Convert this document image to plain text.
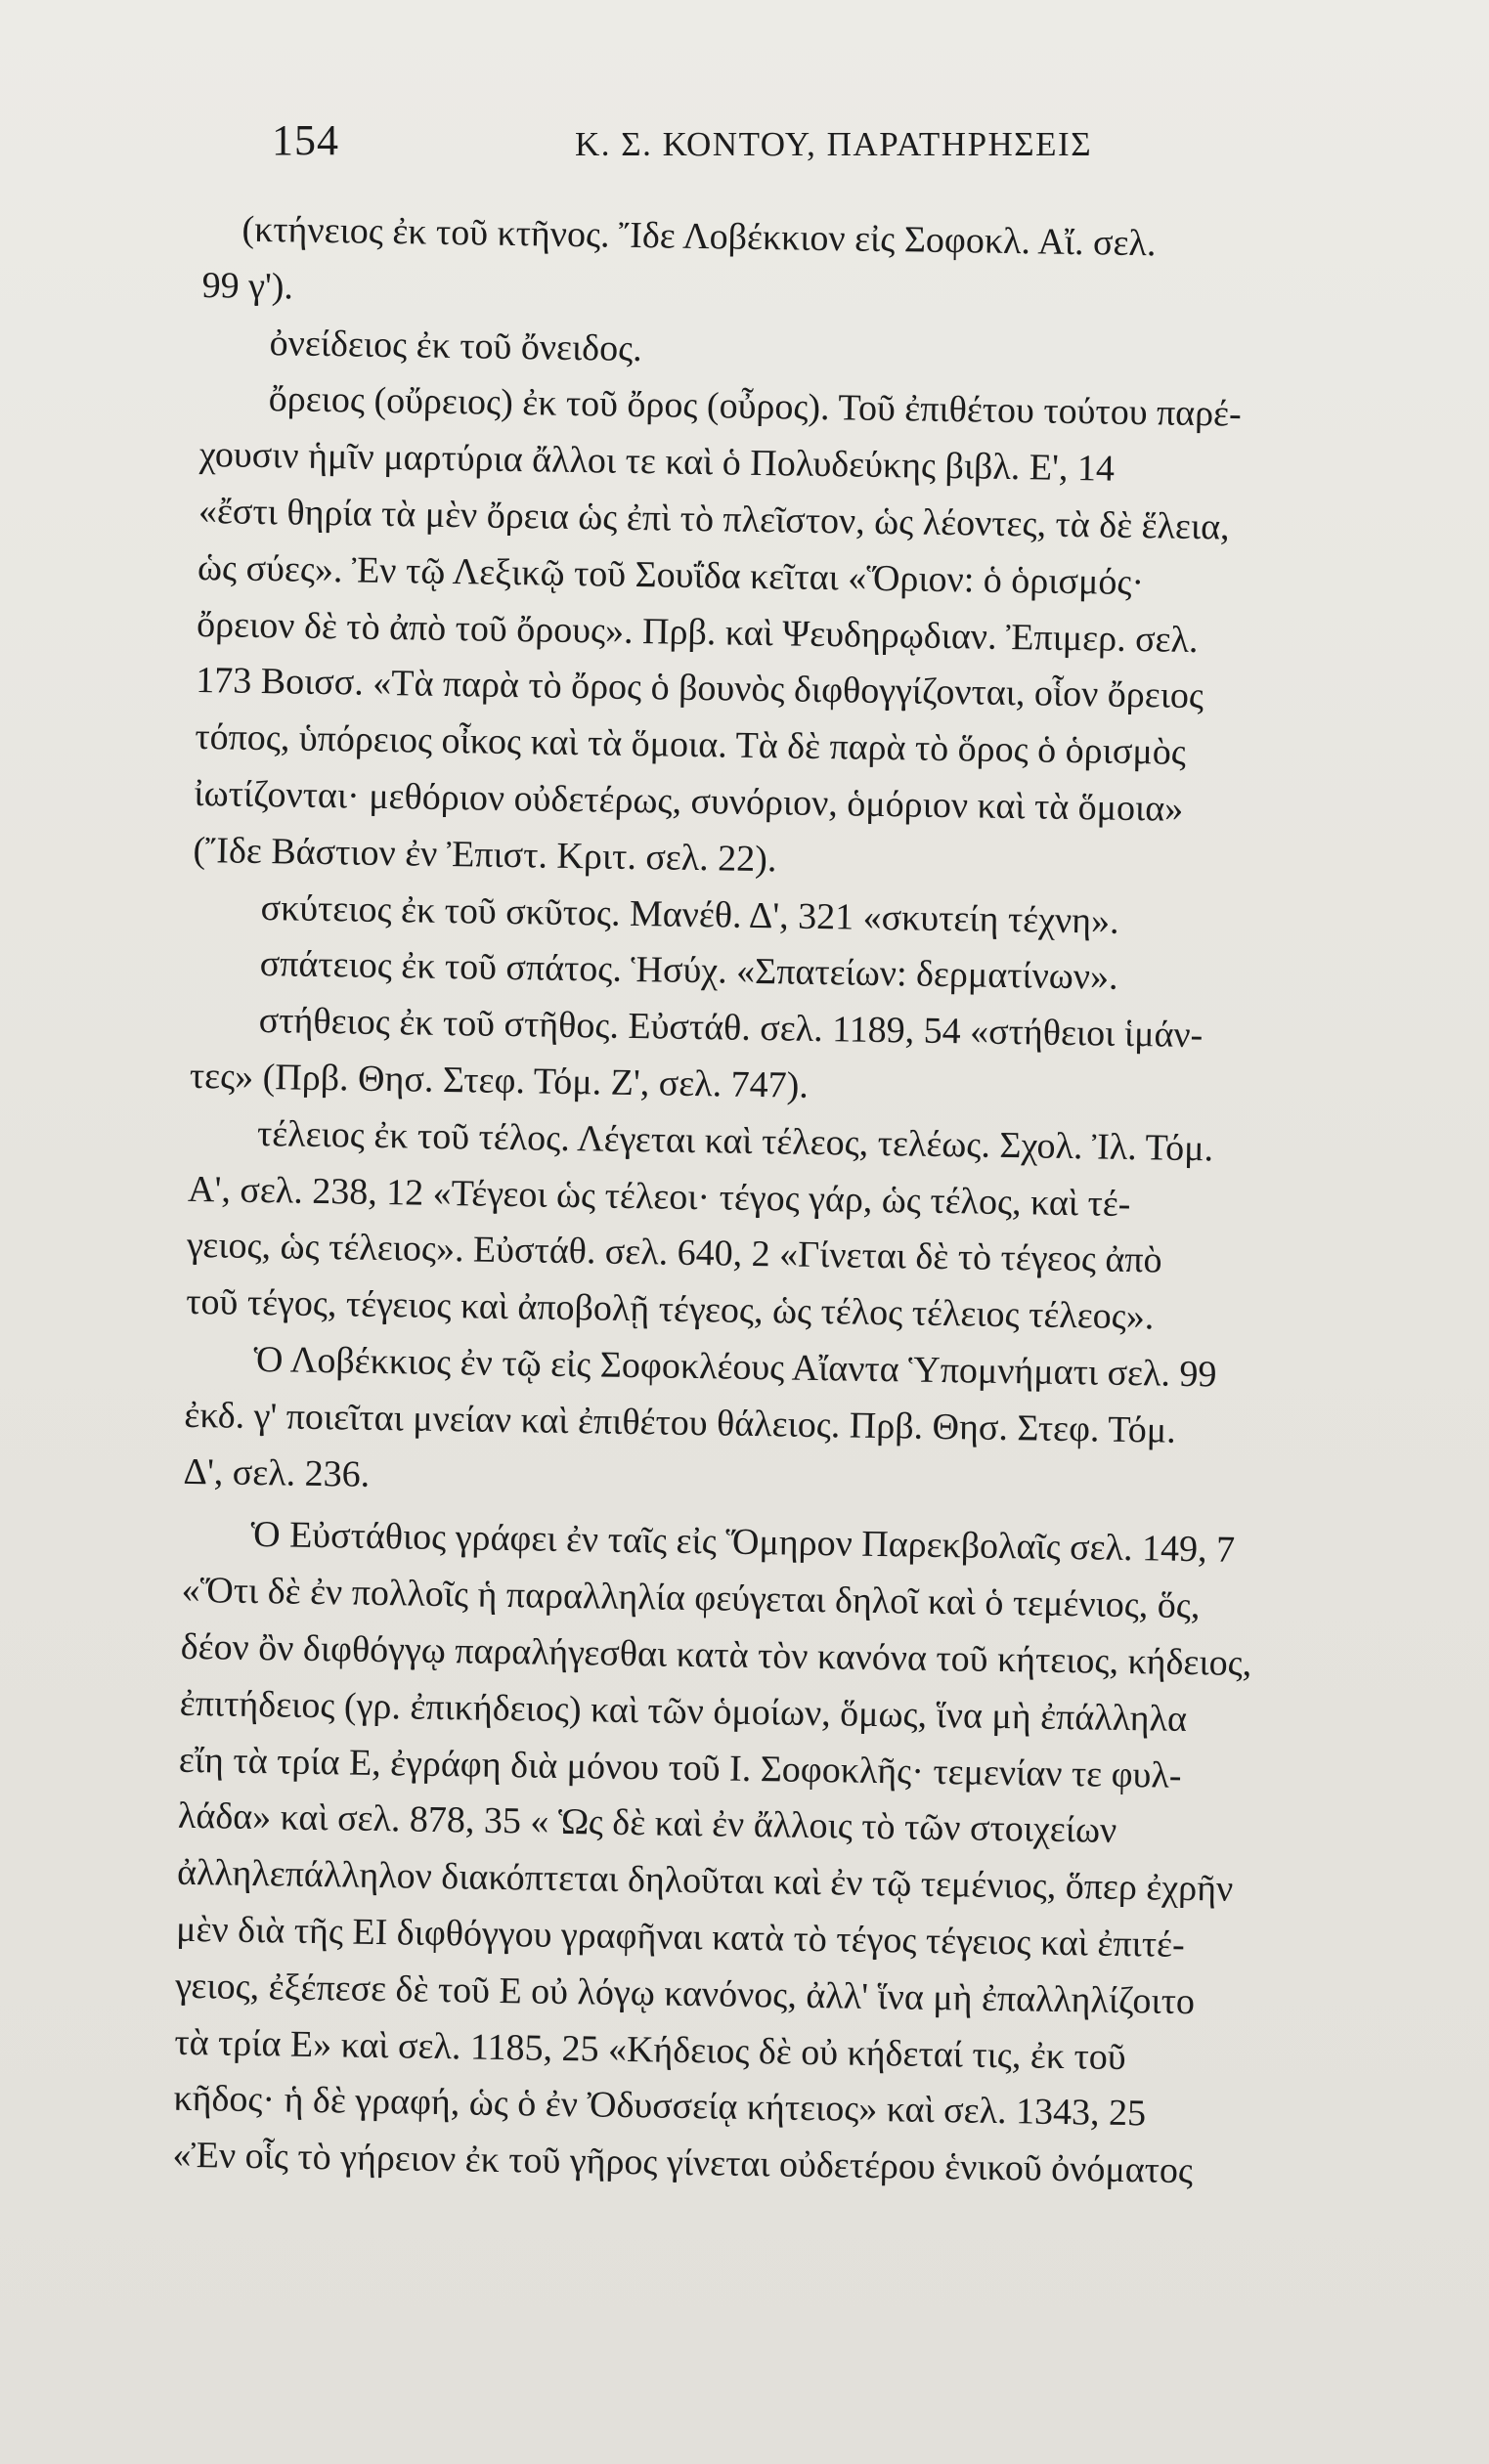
154	Κ. Σ. ΚΟΝΤΟΥ, ΠΑΡΑΤΗΡΗΣΕΙΣ
(κτήνειος ἐκ τοῦ κτῆνος. Ἴδε Λοβέκκιον εἰς Σοφοκλ. Αἴ. σελ.
99 γ').
ὀνείδειος ἐκ τοῦ ὄνειδος.
ὄρειος (οὔρειος) ἐκ τοῦ ὄρος (οὖρος). Τοῦ ἐπιθέτου τούτου παρέ-
χουσιν ἡμῖν μαρτύρια ἄλλοι τε καὶ ὁ Πολυδεύκης βιβλ. Ε', 14
«ἔστι θηρία τὰ μὲν ὄρεια ὡς ἐπὶ τὸ πλεῖστον, ὡς λέοντες, τὰ δὲ ἕλεια,
ὡς σύες». Ἐν τῷ Λεξικῷ τοῦ Σουΐδα κεῖται «Ὅριον: ὁ ὁρισμός·
ὄρειον δὲ τὸ ἀπὸ τοῦ ὄρους». Πρβ. καὶ Ψευδηρῳδιαν. Ἐπιμερ. σελ.
173 Βοισσ. «Τὰ παρὰ τὸ ὄρος ὁ βουνὸς διφθογγίζονται, οἷον ὄρειος
τόπος, ὑπόρειος οἶκος καὶ τὰ ὅμοια. Τὰ δὲ παρὰ τὸ ὅρος ὁ ὁρισμὸς
ἰωτίζονται· μεθόριον οὐδετέρως, συνόριον, ὁμόριον καὶ τὰ ὅμοια»
(Ἴδε Βάστιον ἐν Ἐπιστ. Κριτ. σελ. 22).
σκύτειος ἐκ τοῦ σκῦτος. Μανέθ. Δ', 321 «σκυτείη τέχνη».
σπάτειος ἐκ τοῦ σπάτος. Ἡσύχ. «Σπατείων: δερματίνων».
στήθειος ἐκ τοῦ στῆθος. Εὐστάθ. σελ. 1189, 54 «στήθειοι ἱμάν-
τες» (Πρβ. Θησ. Στεφ. Τόμ. Ζ', σελ. 747).
τέλειος ἐκ τοῦ τέλος. Λέγεται καὶ τέλεος, τελέως. Σχολ. Ἰλ. Τόμ.
Α', σελ. 238, 12 «Τέγεοι ὡς τέλεοι· τέγος γάρ, ὡς τέλος, καὶ τέ-
γειος, ὡς τέλειος». Εὐστάθ. σελ. 640, 2 «Γίνεται δὲ τὸ τέγεος ἀπὸ
τοῦ τέγος, τέγειος καὶ ἀποβολῇ τέγεος, ὡς τέλος τέλειος τέλεος».
Ὁ Λοβέκκιος ἐν τῷ εἰς Σοφοκλέους Αἴαντα Ὑπομνήματι σελ. 99
ἐκδ. γ' ποιεῖται μνείαν καὶ ἐπιθέτου θάλειος. Πρβ. Θησ. Στεφ. Τόμ.
Δ', σελ. 236.
Ὁ Εὐστάθιος γράφει ἐν ταῖς εἰς Ὅμηρον Παρεκβολαῖς σελ. 149, 7
«Ὅτι δὲ ἐν πολλοῖς ἡ παραλληλία φεύγεται δηλοῖ καὶ ὁ τεμένιος, ὅς,
δέον ὂν διφθόγγῳ παραλήγεσθαι κατὰ τὸν κανόνα τοῦ κήτειος, κήδειος,
ἐπιτήδειος (γρ. ἐπικήδειος) καὶ τῶν ὁμοίων, ὅμως, ἵνα μὴ ἐπάλληλα
εἴη τὰ τρία Ε, ἐγράφη διὰ μόνου τοῦ Ι. Σοφοκλῆς· τεμενίαν τε φυλ-
λάδα» καὶ σελ. 878, 35 « Ὡς δὲ καὶ ἐν ἄλλοις τὸ τῶν στοιχείων
ἀλληλεπάλληλον διακόπτεται δηλοῦται καὶ ἐν τῷ τεμένιος, ὅπερ ἐχρῆν
μὲν διὰ τῆς ΕΙ διφθόγγου γραφῆναι κατὰ τὸ τέγος τέγειος καὶ ἐπιτέ-
γειος, ἐξέπεσε δὲ τοῦ Ε οὐ λόγῳ κανόνος, ἀλλ' ἵνα μὴ ἐπαλληλίζοιτο
τὰ τρία Ε» καὶ σελ. 1185, 25 «Κήδειος δὲ οὐ κήδεταί τις, ἐκ τοῦ
κῆδος· ἡ δὲ γραφή, ὡς ὁ ἐν Ὀδυσσείᾳ κήτειος» καὶ σελ. 1343, 25
«Ἐν οἷς τὸ γήρειον ἐκ τοῦ γῆρος γίνεται οὐδετέρου ἑνικοῦ ὀνόματος
